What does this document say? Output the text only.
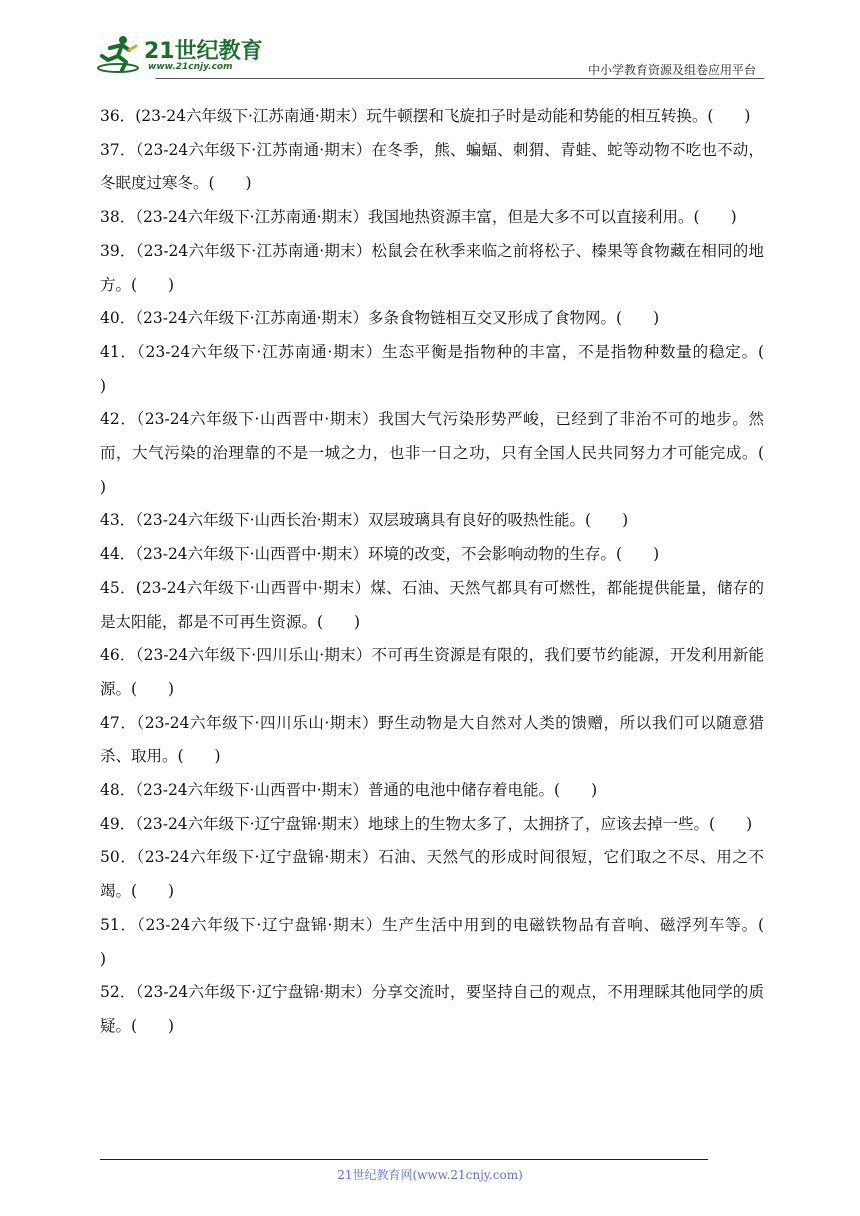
21世纪教育
www.21cnjy.com	中小学教育资源及组卷应用平台

36．(23-24六年级下·江苏南通·期末）玩牛顿摆和飞旋扣子时是动能和势能的相互转换。(　　)

37．（23-24六年级下·江苏南通·期末）在冬季，熊、蝙蝠、刺猬、青蛙、蛇等动物不吃也不动，冬眠度过寒冬。(　　)

38．（23-24六年级下·江苏南通·期末）我国地热资源丰富，但是大多不可以直接利用。(　　)

39．（23-24六年级下·江苏南通·期末）松鼠会在秋季来临之前将松子、榛果等食物藏在相同的地方。(　　)

40．（23-24六年级下·江苏南通·期末）多条食物链相互交叉形成了食物网。(　　)

41．（23-24六年级下·江苏南通·期末）生态平衡是指物种的丰富，不是指物种数量的稳定。(　　)

42．（23-24六年级下·山西晋中·期末）我国大气污染形势严峻，已经到了非治不可的地步。然而，大气污染的治理靠的不是一城之力，也非一日之功，只有全国人民共同努力才可能完成。(　　)

43．（23-24六年级下·山西长治·期末）双层玻璃具有良好的吸热性能。(　　)

44．（23-24六年级下·山西晋中·期末）环境的改变，不会影响动物的生存。(　　)

45．(23-24六年级下·山西晋中·期末）煤、石油、天然气都具有可燃性，都能提供能量，储存的是太阳能，都是不可再生资源。(　　)

46．（23-24六年级下·四川乐山·期末）不可再生资源是有限的，我们要节约能源，开发利用新能源。(　　)

47．（23-24六年级下·四川乐山·期末）野生动物是大自然对人类的馈赠，所以我们可以随意猎杀、取用。(　　)

48．（23-24六年级下·山西晋中·期末）普通的电池中储存着电能。(　　)

49．（23-24六年级下·辽宁盘锦·期末）地球上的生物太多了，太拥挤了，应该去掉一些。(　　)

50．（23-24六年级下·辽宁盘锦·期末）石油、天然气的形成时间很短，它们取之不尽、用之不竭。(　　)

51．（23-24六年级下·辽宁盘锦·期末）生产生活中用到的电磁铁物品有音响、磁浮列车等。(　　)

52．（23-24六年级下·辽宁盘锦·期末）分享交流时，要坚持自己的观点，不用理睬其他同学的质疑。(　　)

21世纪教育网(www.21cnjy.com)
